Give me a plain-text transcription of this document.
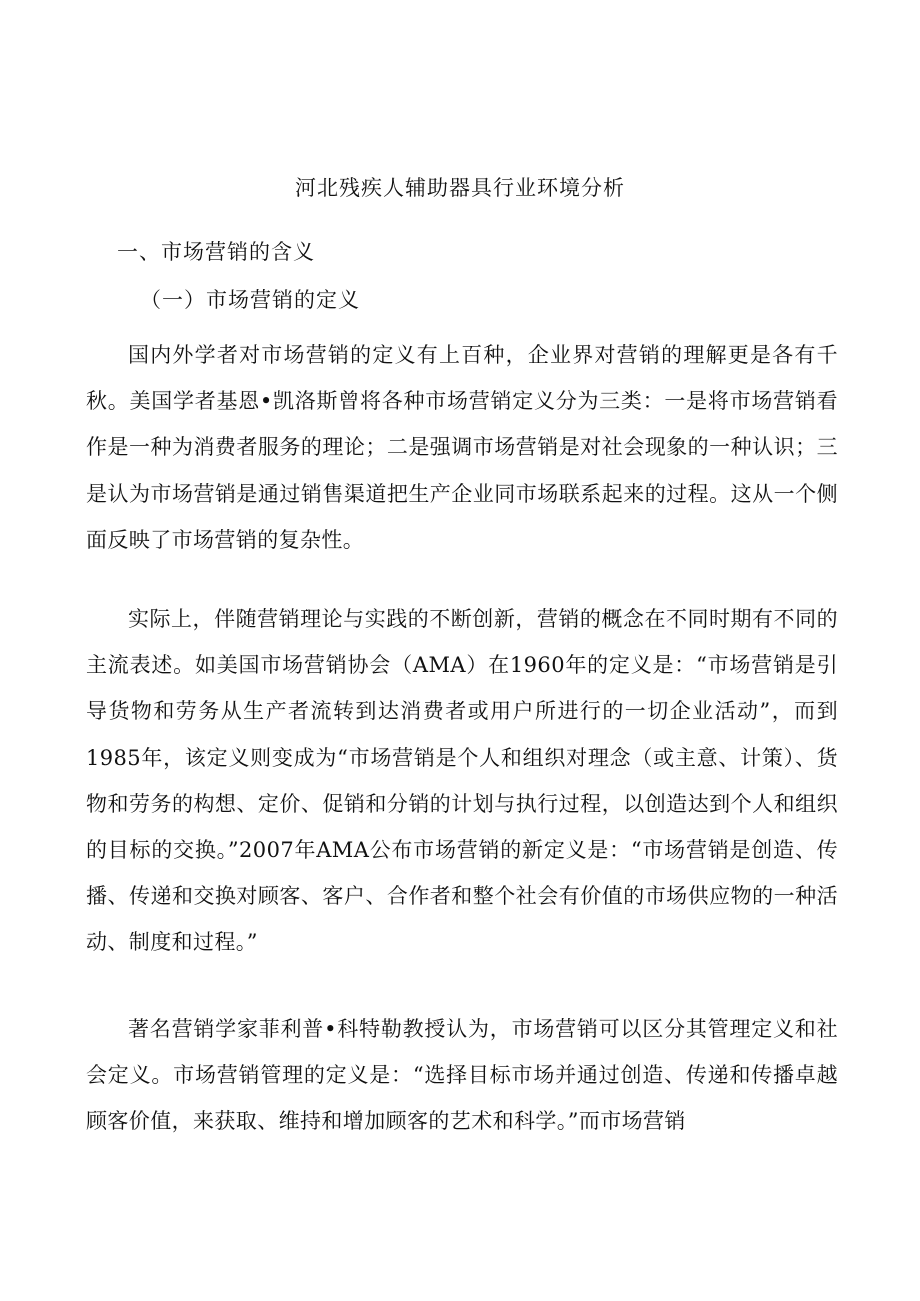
河北残疾人辅助器具行业环境分析
一、市场营销的含义
（一）市场营销的定义

国内外学者对市场营销的定义有上百种，企业界对营销的理解更是各有千秋。美国学者基恩•凯洛斯曾将各种市场营销定义分为三类：一是将市场营销看作是一种为消费者服务的理论；二是强调市场营销是对社会现象的一种认识；三是认为市场营销是通过销售渠道把生产企业同市场联系起来的过程。这从一个侧面反映了市场营销的复杂性。

实际上，伴随营销理论与实践的不断创新，营销的概念在不同时期有不同的主流表述。如美国市场营销协会（AMA）在1960年的定义是：“市场营销是引导货物和劳务从生产者流转到达消费者或用户所进行的一切企业活动”，而到1985年，该定义则变成为“市场营销是个人和组织对理念（或主意、计策）、货物和劳务的构想、定价、促销和分销的计划与执行过程，以创造达到个人和组织的目标的交换。”2007年AMA公布市场营销的新定义是：“市场营销是创造、传播、传递和交换对顾客、客户、合作者和整个社会有价值的市场供应物的一种活动、制度和过程。”

著名营销学家菲利普•科特勒教授认为，市场营销可以区分其管理定义和社会定义。市场营销管理的定义是：“选择目标市场并通过创造、传递和传播卓越顾客价值，来获取、维持和增加顾客的艺术和科学。”而市场营销
